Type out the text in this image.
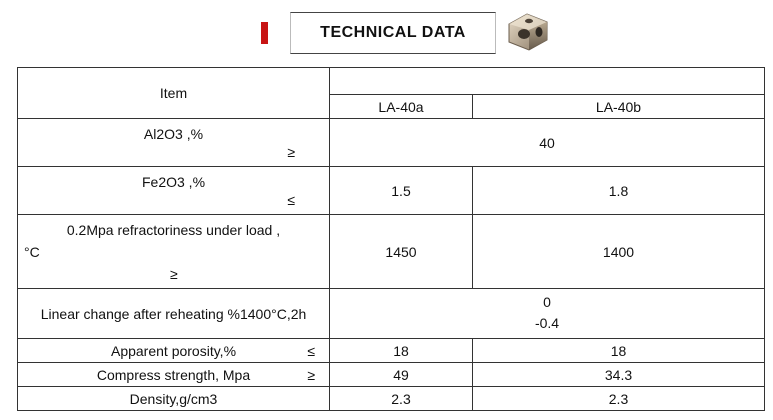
TECHNICAL DATA
Item		
	LA-40a	LA-40b

Al2O3 ,%
≥	40	

Fe2O3 ,%
≤	1.5	1.8

0.2Mpa refractoriness under load ,
°C
≥	1450	1400
Linear change after reheating %1400°C,2h	0
-0.4	

Apparent porosity,% ≤	18	18
Compress strength, Mpa ≥	49	34.3
Density,g/cm3	2.3	2.3
